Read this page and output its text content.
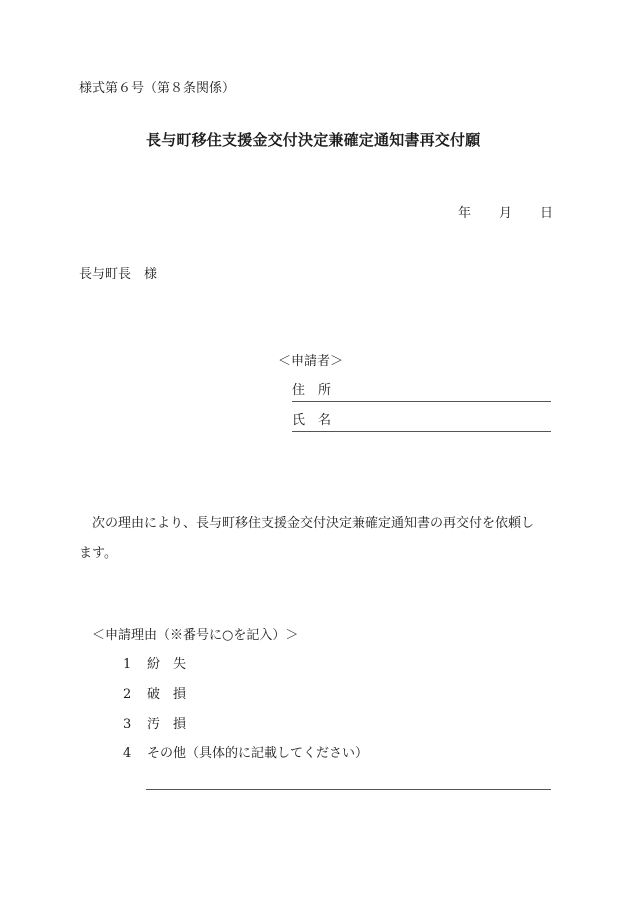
様式第６号（第８条関係）
長与町移住支援金交付決定兼確定通知書再交付願
年 月 日
長与町長　様
＜申請者＞
住　所
氏　名

　次の理由により、長与町移住支援金交付決定兼確定通知書の再交付を依頼し

ます。

＜申請理由（※番号に○を記入）＞
1 紛　失
2 破　損
3 汚　損
4 その他（具体的に記載してください）
